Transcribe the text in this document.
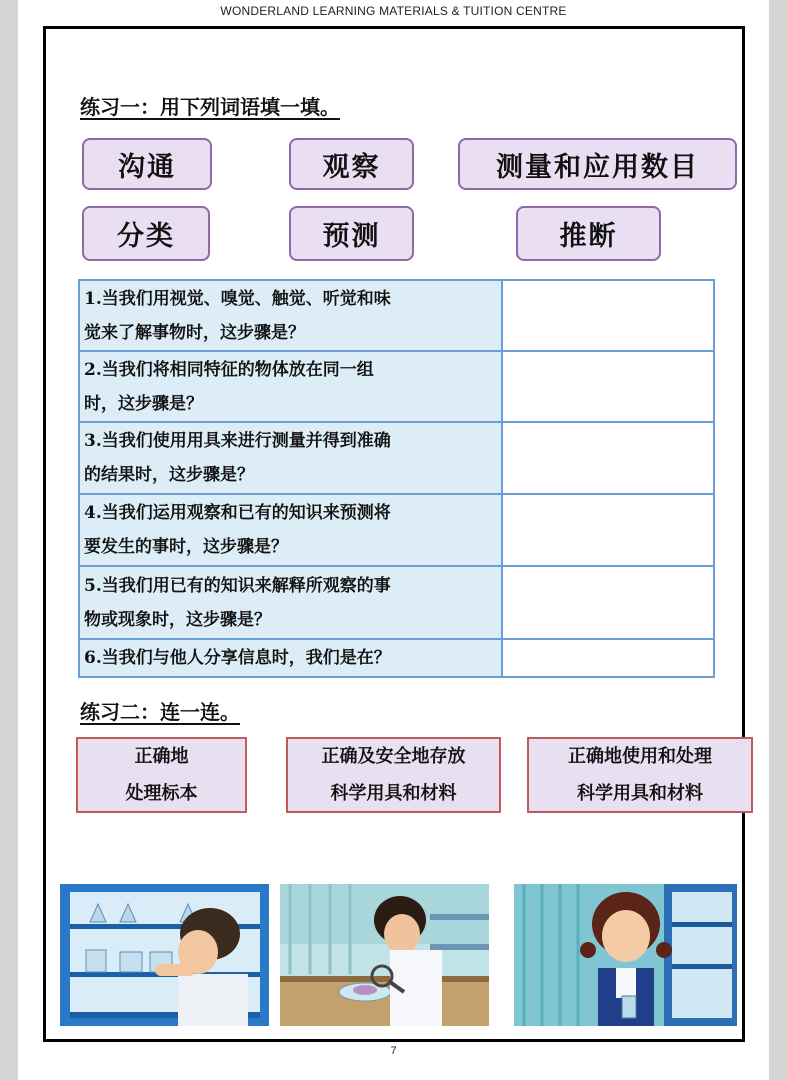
WONDERLAND LEARNING MATERIALS & TUITION CENTRE
练习一：用下列词语填一填。
沟通	观察	测量和应用数目
分类	预测	推断
1.当我们用视觉、嗅觉、触觉、听觉和味
觉来了解事物时，这步骤是？	
2.当我们将相同特征的物体放在同一组
时，这步骤是？	
3.当我们使用用具来进行测量并得到准确
的结果时，这步骤是？	
4.当我们运用观察和已有的知识来预测将
要发生的事时，这步骤是？	
5.当我们用已有的知识来解释所观察的事
物或现象时，这步骤是？	
6.当我们与他人分享信息时，我们是在？	
练习二：连一连。
正确地
处理标本
正确及安全地存放
科学用具和材料
正确地使用和处理
科学用具和材料
7
